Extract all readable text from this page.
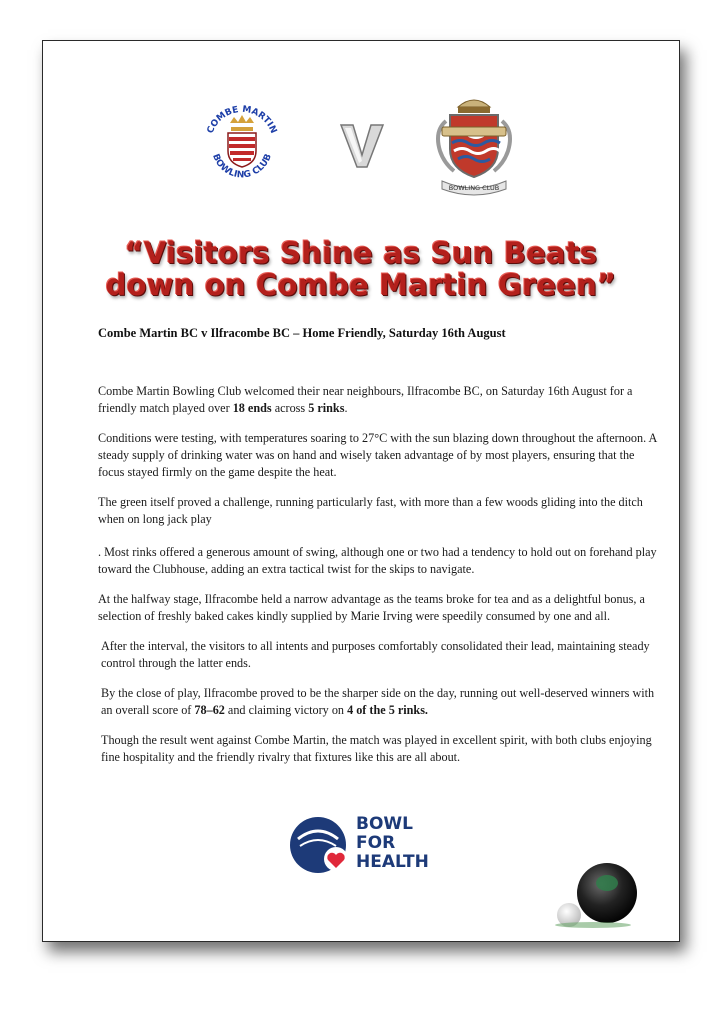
COMBE MARTIN
BOWLING CLUB
BOWLING CLUB
“Visitors Shine as Sun Beats
down on Combe Martin Green”
Combe Martin BC v Ilfracombe BC – Home Friendly, Saturday 16th August

Combe Martin Bowling Club welcomed their near neighbours, Ilfracombe BC, on Saturday 16th August for a friendly match played over 18 ends across 5 rinks.

Conditions were testing, with temperatures soaring to 27°C with the sun blazing down throughout the afternoon. A steady supply of drinking water was on hand and wisely taken advantage of by most players, ensuring that the focus stayed firmly on the game despite the heat.

The green itself proved a challenge, running particularly fast, with more than a few woods gliding into the ditch when on long jack play

. Most rinks offered a generous amount of swing, although one or two had a tendency to hold out on forehand play toward the Clubhouse, adding an extra tactical twist for the skips to navigate.

At the halfway stage, Ilfracombe held a narrow advantage as the teams broke for tea and as a delightful bonus, a selection of freshly baked cakes kindly supplied by Marie Irving were speedily consumed by one and all.

After the interval, the visitors to all intents and purposes comfortably consolidated their lead, maintaining steady control through the latter ends.

By the close of play, Ilfracombe proved to be the sharper side on the day, running out well-deserved winners with an overall score of 78–62 and claiming victory on 4 of the 5 rinks.

Though the result went against Combe Martin, the match was played in excellent spirit, with both clubs enjoying fine hospitality and the friendly rivalry that fixtures like this are all about.

BOWL
FOR
HEALTH
